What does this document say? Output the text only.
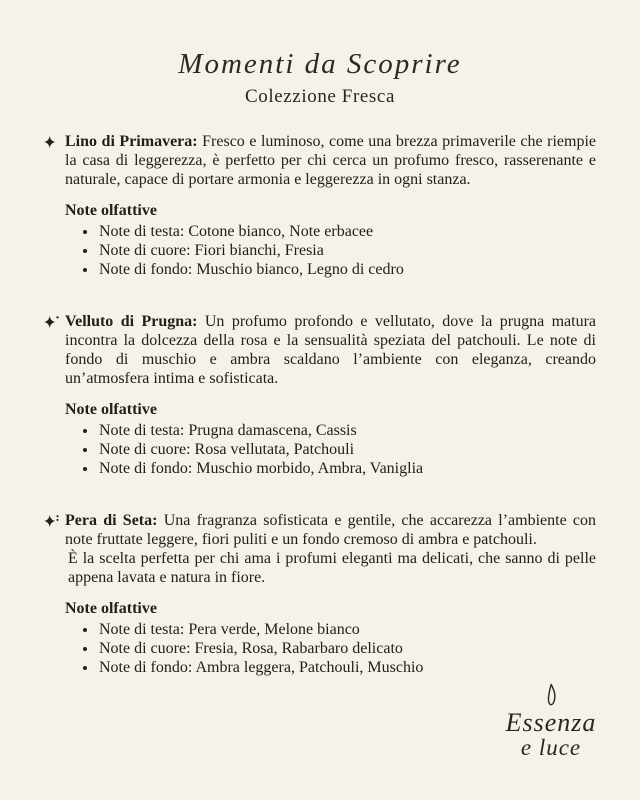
Momenti da Scoprire
Colezzione Fresca

Lino di Primavera: Fresco e luminoso, come una brezza primaverile che riempie la casa di leggerezza, è perfetto per chi cerca un profumo fresco, rasserenante e naturale, capace di portare armonia e leggerezza in ogni stanza.

Note olfattive
• Note di testa: Cotone bianco, Note erbacee
• Note di cuore: Fiori bianchi, Fresia
• Note di fondo: Muschio bianco, Legno di cedro

Velluto di Prugna: Un profumo profondo e vellutato, dove la prugna matura incontra la dolcezza della rosa e la sensualità speziata del patchouli. Le note di fondo di muschio e ambra scaldano l’ambiente con eleganza, creando un’atmosfera intima e sofisticata.

Note olfattive
• Note di testa: Prugna damascena, Cassis
• Note di cuore: Rosa vellutata, Patchouli
• Note di fondo: Muschio morbido, Ambra, Vaniglia

Pera di Seta: Una fragranza sofisticata e gentile, che accarezza l’ambiente con note fruttate leggere, fiori puliti e un fondo cremoso di ambra e patchouli.

È la scelta perfetta per chi ama i profumi eleganti ma delicati, che sanno di pelle appena lavata e natura in fiore.

Note olfattive
• Note di testa: Pera verde, Melone bianco
• Note di cuore: Fresia, Rosa, Rabarbaro delicato
• Note di fondo: Ambra leggera, Patchouli, Muschio
Essenza
e luce
